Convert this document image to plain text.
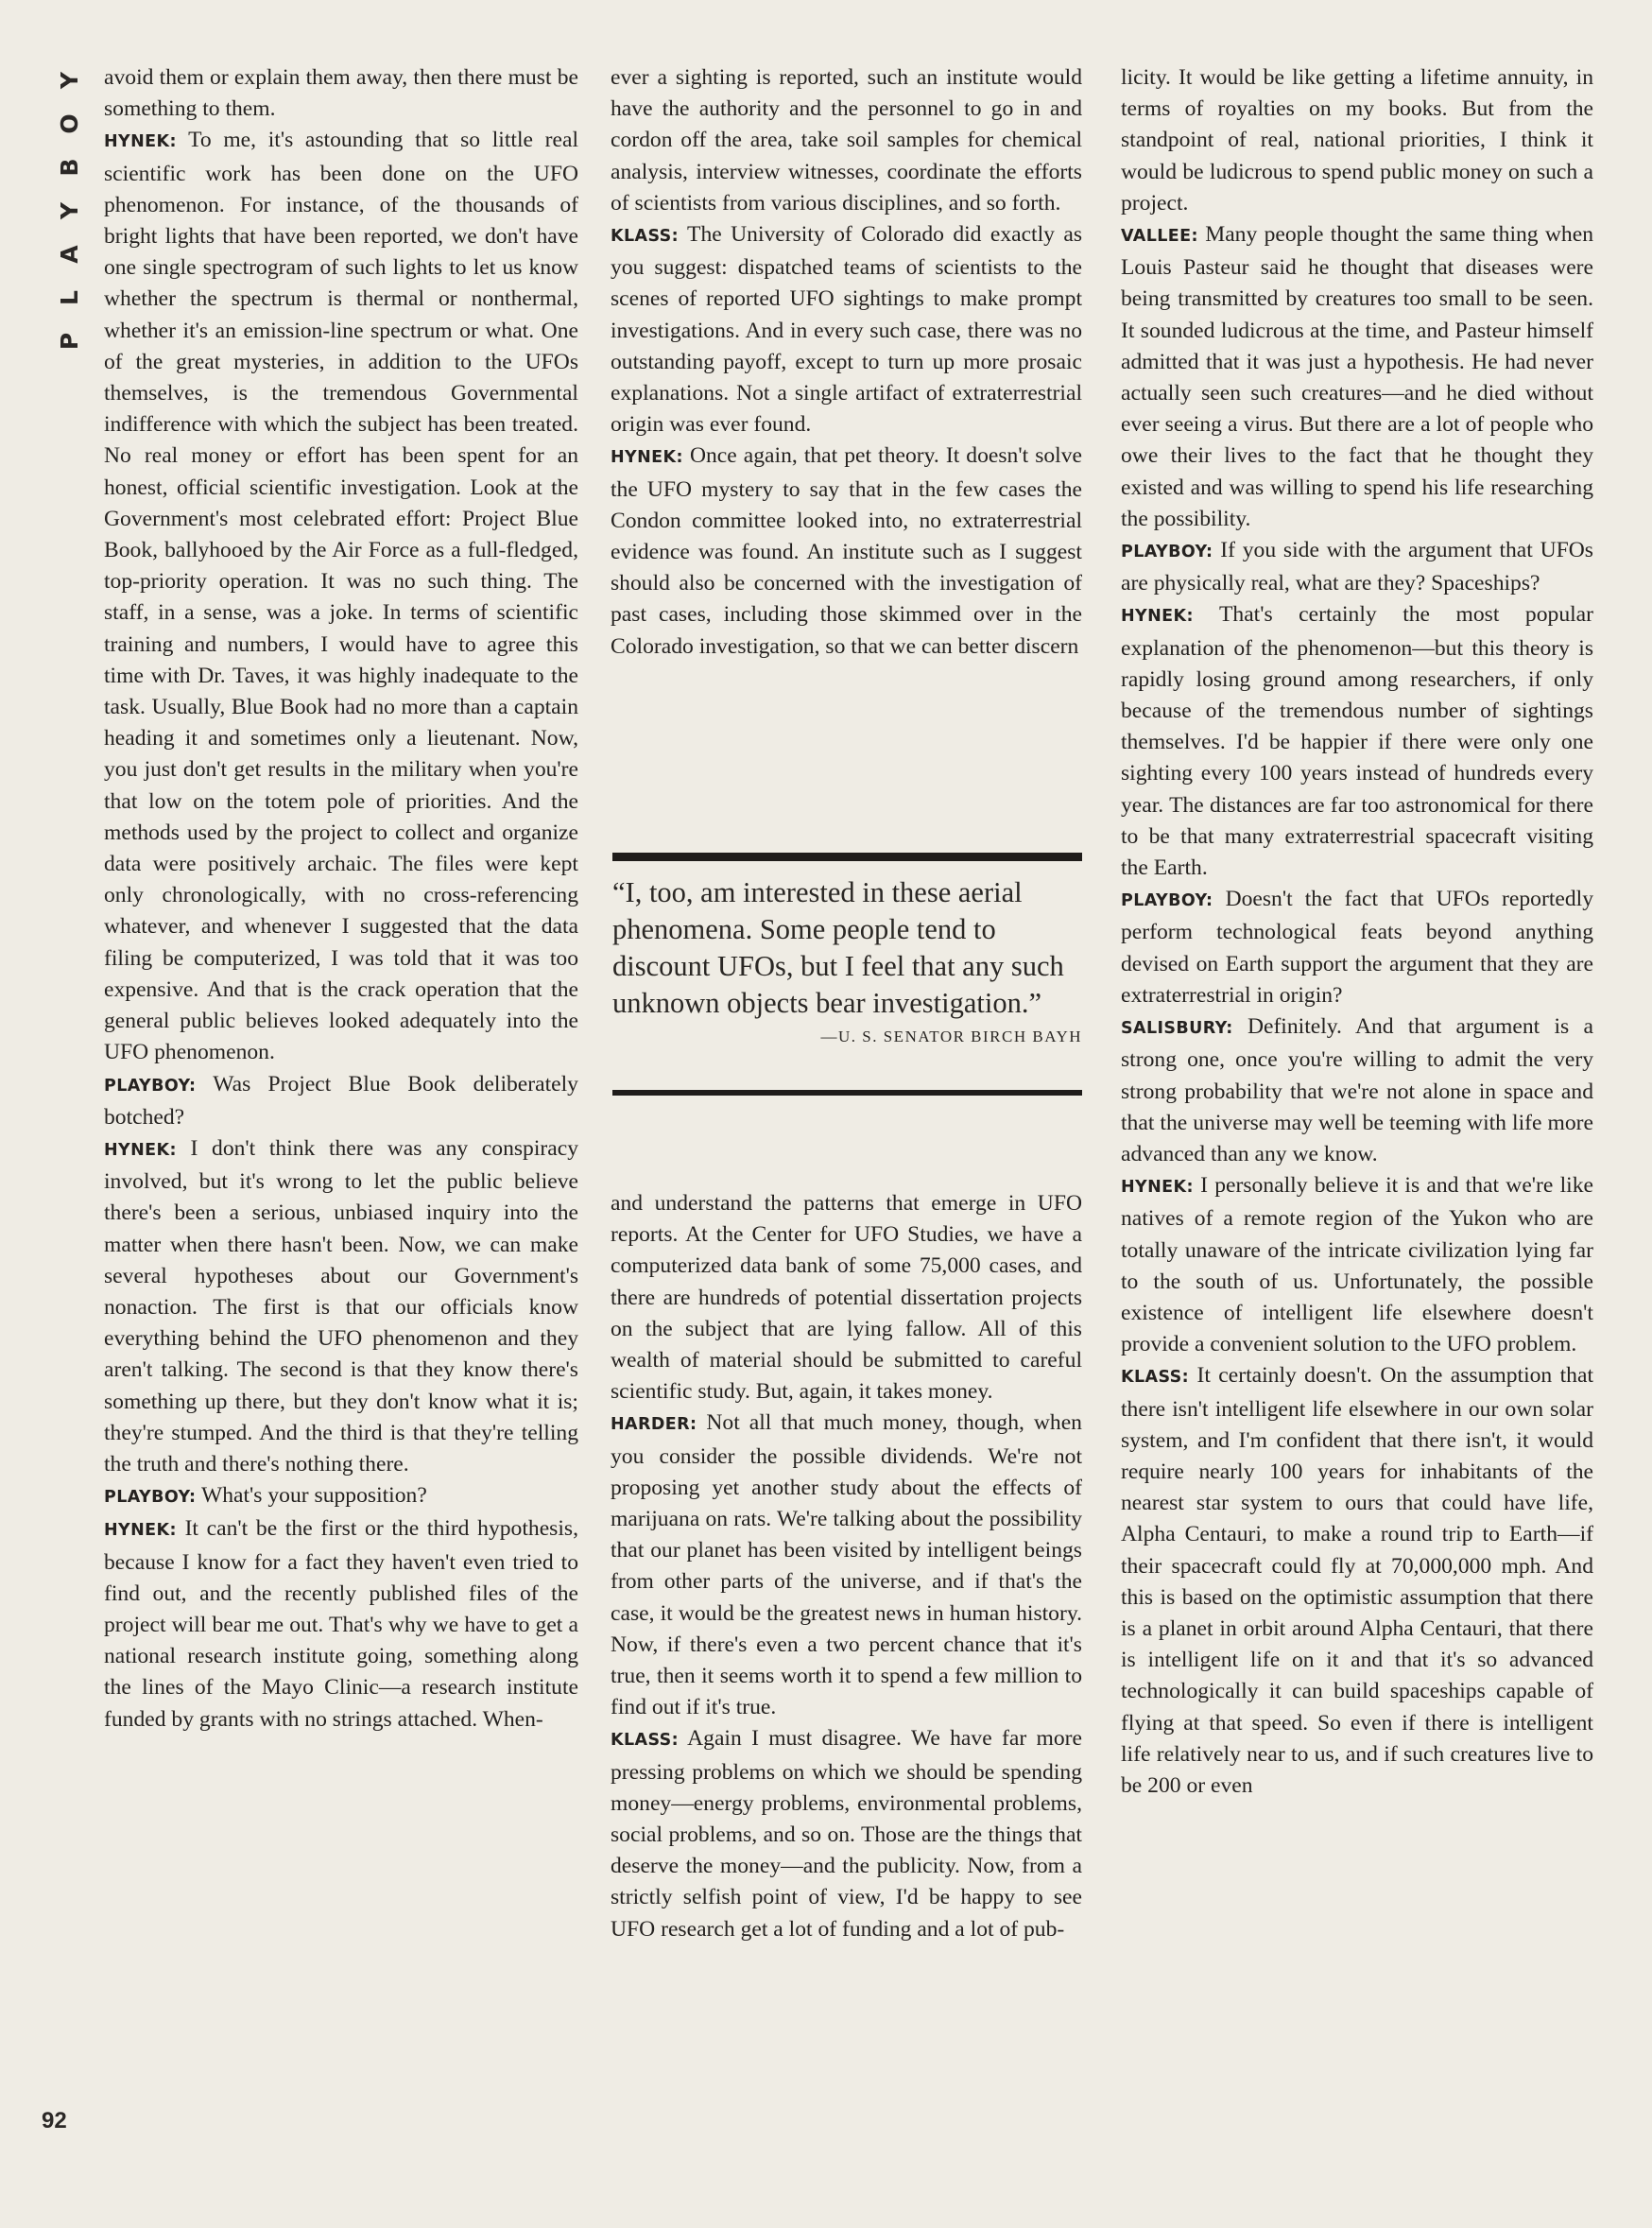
Y
O
B
Y
A
L
P
92

avoid them or explain them away, then there must be something to them.

HYNEK: To me, it's astounding that so little real scientific work has been done on the UFO phenomenon. For instance, of the thousands of bright lights that have been reported, we don't have one single spectrogram of such lights to let us know whether the spectrum is thermal or nonthermal, whether it's an emission-line spectrum or what. One of the great mysteries, in addition to the UFOs themselves, is the tremendous Governmental indifference with which the subject has been treated. No real money or effort has been spent for an honest, official scientific investigation. Look at the Government's most celebrated effort: Project Blue Book, ballyhooed by the Air Force as a full-fledged, top-priority operation. It was no such thing. The staff, in a sense, was a joke. In terms of scientific training and numbers, I would have to agree this time with Dr. Taves, it was highly inadequate to the task. Usually, Blue Book had no more than a captain heading it and sometimes only a lieutenant. Now, you just don't get results in the military when you're that low on the totem pole of priorities. And the methods used by the project to collect and organize data were positively archaic. The files were kept only chronologically, with no cross-referencing whatever, and whenever I suggested that the data filing be computerized, I was told that it was too expensive. And that is the crack operation that the general public believes looked adequately into the UFO phenomenon.

PLAYBOY: Was Project Blue Book deliberately botched?

HYNEK: I don't think there was any conspiracy involved, but it's wrong to let the public believe there's been a serious, unbiased inquiry into the matter when there hasn't been. Now, we can make several hypotheses about our Government's nonaction. The first is that our officials know everything behind the UFO phenomenon and they aren't talking. The second is that they know there's something up there, but they don't know what it is; they're stumped. And the third is that they're telling the truth and there's nothing there.

PLAYBOY: What's your supposition?

HYNEK: It can't be the first or the third hypothesis, because I know for a fact they haven't even tried to find out, and the recently published files of the project will bear me out. That's why we have to get a national research institute going, something along the lines of the Mayo Clinic—a research institute funded by grants with no strings attached. When-

ever a sighting is reported, such an institute would have the authority and the personnel to go in and cordon off the area, take soil samples for chemical analysis, interview witnesses, coordinate the efforts of scientists from various disciplines, and so forth.

KLASS: The University of Colorado did exactly as you suggest: dispatched teams of scientists to the scenes of reported UFO sightings to make prompt investigations. And in every such case, there was no outstanding payoff, except to turn up more prosaic explanations. Not a single artifact of extraterrestrial origin was ever found.

HYNEK: Once again, that pet theory. It doesn't solve the UFO mystery to say that in the few cases the Condon committee looked into, no extraterrestrial evidence was found. An institute such as I suggest should also be concerned with the investigation of past cases, including those skimmed over in the Colorado investigation, so that we can better discern

“I, too, am interested in these aerial phenomena. Some people tend to discount UFOs, but I feel that any such unknown objects bear investigation.”
—U. S. SENATOR BIRCH BAYH

and understand the patterns that emerge in UFO reports. At the Center for UFO Studies, we have a computerized data bank of some 75,000 cases, and there are hundreds of potential dissertation projects on the subject that are lying fallow. All of this wealth of material should be submitted to careful scientific study. But, again, it takes money.

HARDER: Not all that much money, though, when you consider the possible dividends. We're not proposing yet another study about the effects of marijuana on rats. We're talking about the possibility that our planet has been visited by intelligent beings from other parts of the universe, and if that's the case, it would be the greatest news in human history. Now, if there's even a two percent chance that it's true, then it seems worth it to spend a few million to find out if it's true.

KLASS: Again I must disagree. We have far more pressing problems on which we should be spending money—energy problems, environmental problems, social problems, and so on. Those are the things that deserve the money—and the publicity. Now, from a strictly selfish point of view, I'd be happy to see UFO research get a lot of funding and a lot of pub-

licity. It would be like getting a lifetime annuity, in terms of royalties on my books. But from the standpoint of real, national priorities, I think it would be ludicrous to spend public money on such a project.

VALLEE: Many people thought the same thing when Louis Pasteur said he thought that diseases were being transmitted by creatures too small to be seen. It sounded ludicrous at the time, and Pasteur himself admitted that it was just a hypothesis. He had never actually seen such creatures—and he died without ever seeing a virus. But there are a lot of people who owe their lives to the fact that he thought they existed and was willing to spend his life researching the possibility.

PLAYBOY: If you side with the argument that UFOs are physically real, what are they? Spaceships?

HYNEK: That's certainly the most popular explanation of the phenomenon—but this theory is rapidly losing ground among researchers, if only because of the tremendous number of sightings themselves. I'd be happier if there were only one sighting every 100 years instead of hundreds every year. The distances are far too astronomical for there to be that many extraterrestrial spacecraft visiting the Earth.

PLAYBOY: Doesn't the fact that UFOs reportedly perform technological feats beyond anything devised on Earth support the argument that they are extraterrestrial in origin?

SALISBURY: Definitely. And that argument is a strong one, once you're willing to admit the very strong probability that we're not alone in space and that the universe may well be teeming with life more advanced than any we know.

HYNEK: I personally believe it is and that we're like natives of a remote region of the Yukon who are totally unaware of the intricate civilization lying far to the south of us. Unfortunately, the possible existence of intelligent life elsewhere doesn't provide a convenient solution to the UFO problem.

KLASS: It certainly doesn't. On the assumption that there isn't intelligent life elsewhere in our own solar system, and I'm confident that there isn't, it would require nearly 100 years for inhabitants of the nearest star system to ours that could have life, Alpha Centauri, to make a round trip to Earth—if their spacecraft could fly at 70,000,000 mph. And this is based on the optimistic assumption that there is a planet in orbit around Alpha Centauri, that there is intelligent life on it and that it's so advanced technologically it can build spaceships capable of flying at that speed. So even if there is intelligent life relatively near to us, and if such creatures live to be 200 or even
